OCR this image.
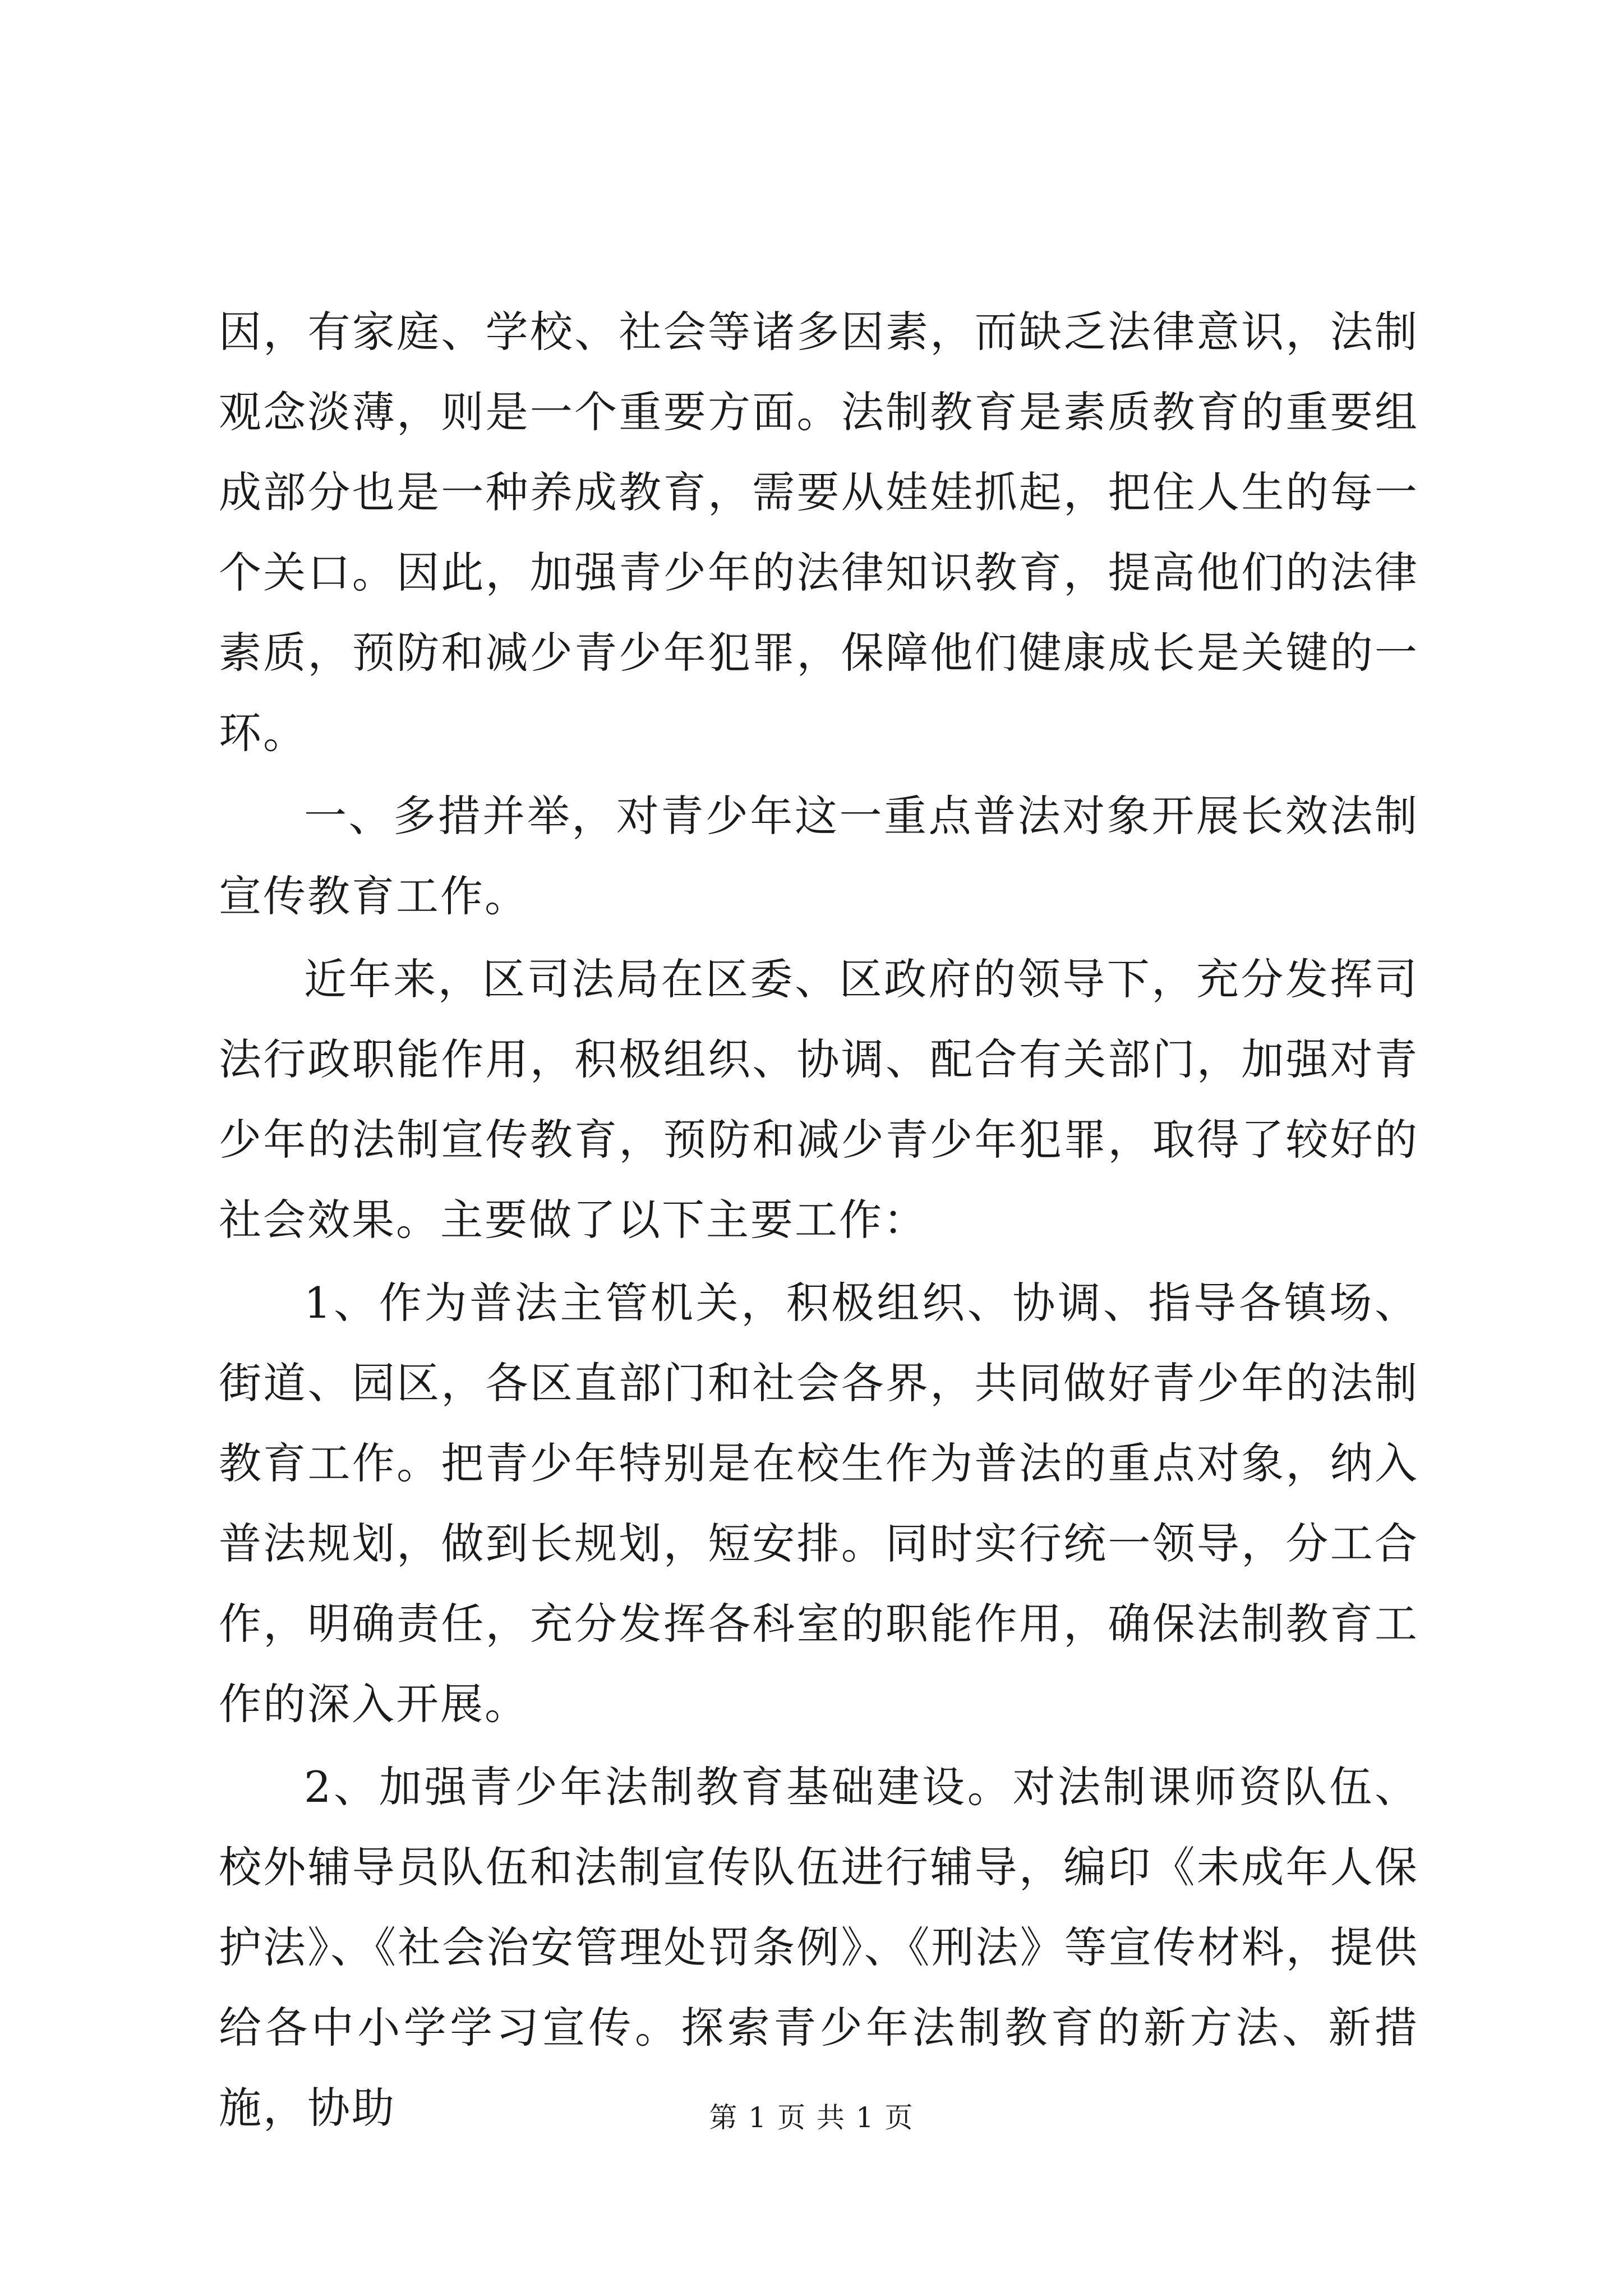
因，有家庭、学校、社会等诸多因素，而缺乏法律意识，法制观念淡薄，则是一个重要方面。法制教育是素质教育的重要组成部分也是一种养成教育，需要从娃娃抓起，把住人生的每一个关口。因此，加强青少年的法律知识教育，提高他们的法律素质，预防和减少青少年犯罪，保障他们健康成长是关键的一环。

一、多措并举，对青少年这一重点普法对象开展长效法制宣传教育工作。

近年来，区司法局在区委、区政府的领导下，充分发挥司法行政职能作用，积极组织、协调、配合有关部门，加强对青少年的法制宣传教育，预防和减少青少年犯罪，取得了较好的社会效果。主要做了以下主要工作：

1、作为普法主管机关，积极组织、协调、指导各镇场、街道、园区，各区直部门和社会各界，共同做好青少年的法制教育工作。把青少年特别是在校生作为普法的重点对象，纳入普法规划，做到长规划，短安排。同时实行统一领导，分工合作，明确责任，充分发挥各科室的职能作用，确保法制教育工作的深入开展。

2、加强青少年法制教育基础建设。对法制课师资队伍、校外辅导员队伍和法制宣传队伍进行辅导，编印《未成年人保护法》、《社会治安管理处罚条例》、《刑法》等宣传材料，提供给各中小学学习宣传。探索青少年法制教育的新方法、新措施，协助	第 1 页 共 1 页
